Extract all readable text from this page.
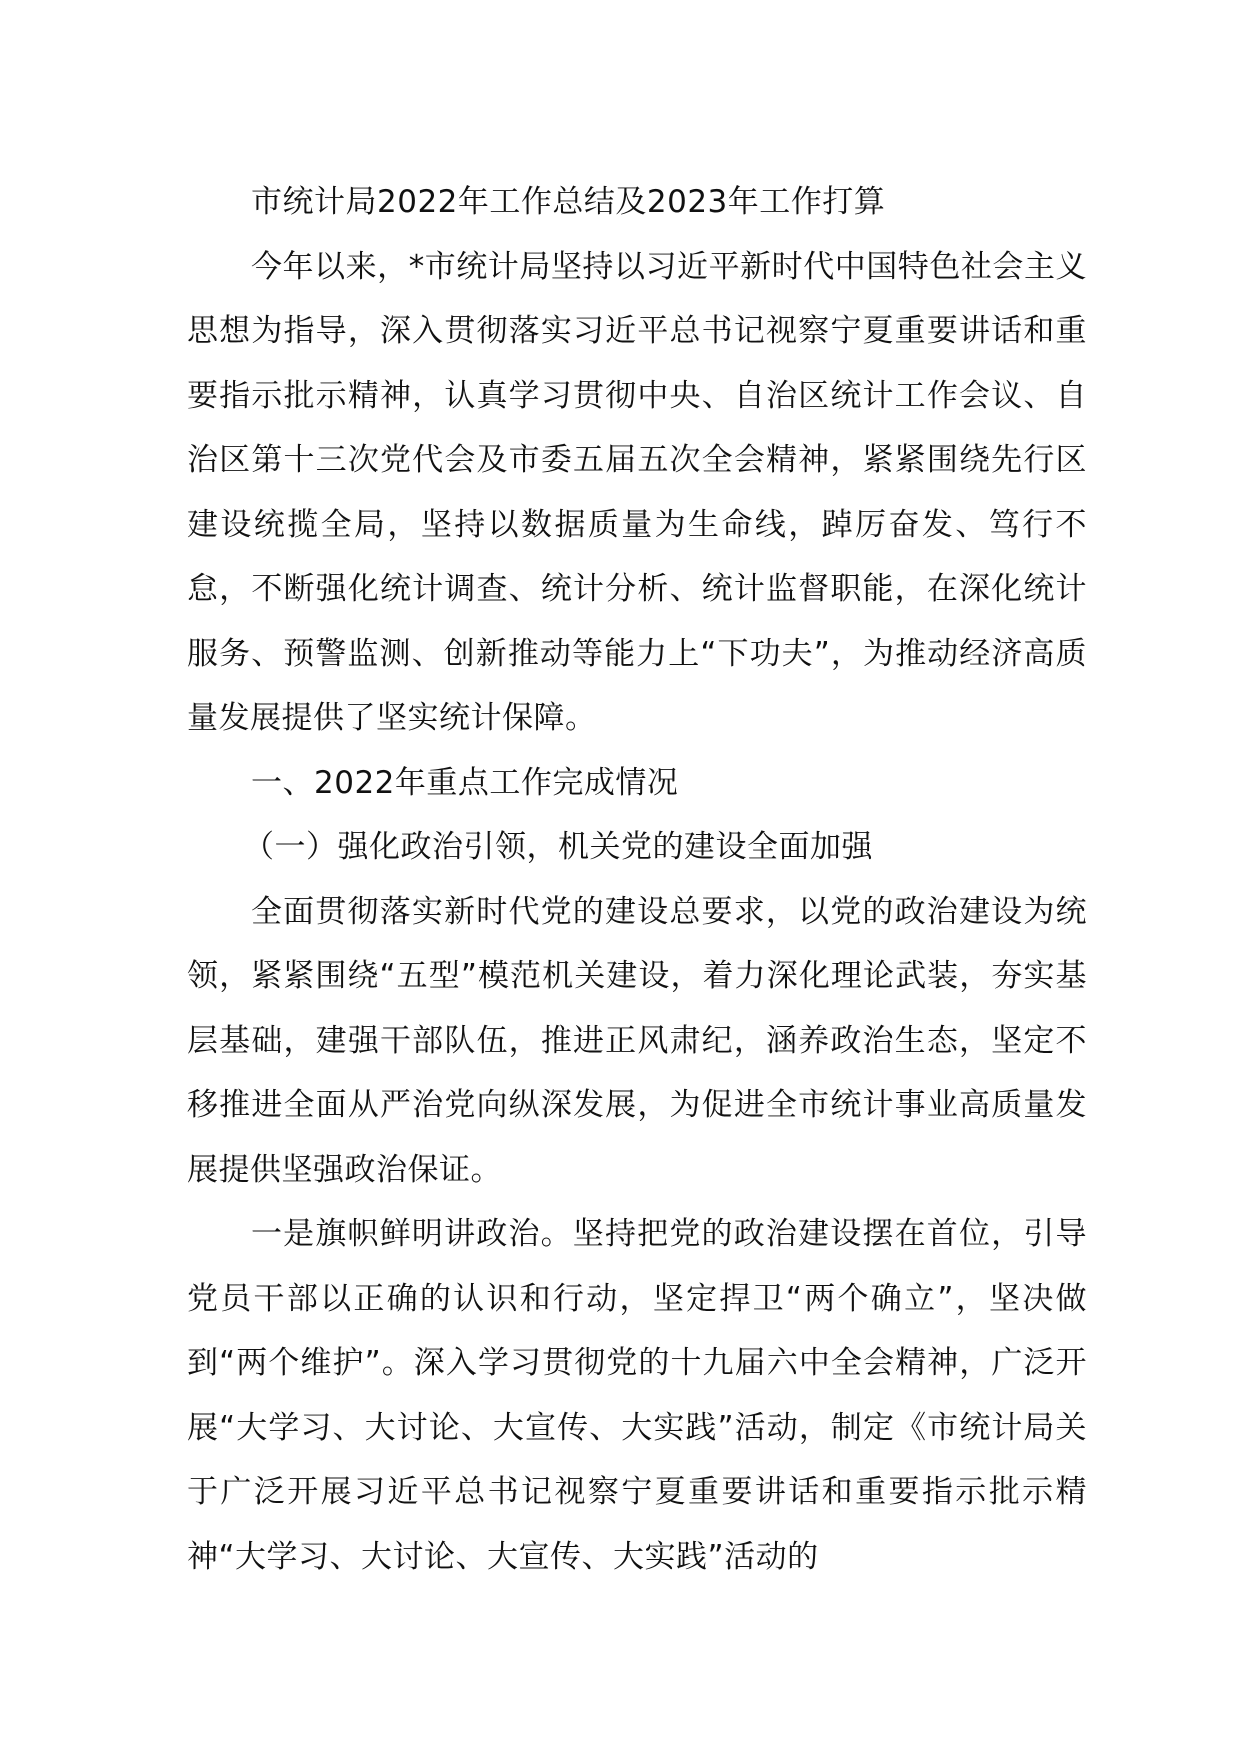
市统计局2022年工作总结及2023年工作打算

今年以来，*市统计局坚持以习近平新时代中国特色社会主义思想为指导，深入贯彻落实习近平总书记视察宁夏重要讲话和重要指示批示精神，认真学习贯彻中央、自治区统计工作会议、自治区第十三次党代会及市委五届五次全会精神，紧紧围绕先行区建设统揽全局，坚持以数据质量为生命线，踔厉奋发、笃行不怠，不断强化统计调查、统计分析、统计监督职能，在深化统计服务、预警监测、创新推动等能力上“下功夫”，为推动经济高质量发展提供了坚实统计保障。

一、2022年重点工作完成情况

（一）强化政治引领，机关党的建设全面加强

全面贯彻落实新时代党的建设总要求，以党的政治建设为统领，紧紧围绕“五型”模范机关建设，着力深化理论武装，夯实基层基础，建强干部队伍，推进正风肃纪，涵养政治生态，坚定不移推进全面从严治党向纵深发展，为促进全市统计事业高质量发展提供坚强政治保证。

一是旗帜鲜明讲政治。坚持把党的政治建设摆在首位，引导党员干部以正确的认识和行动，坚定捍卫“两个确立”，坚决做到“两个维护”。深入学习贯彻党的十九届六中全会精神，广泛开展“大学习、大讨论、大宣传、大实践”活动，制定《市统计局关于广泛开展习近平总书记视察宁夏重要讲话和重要指示批示精神“大学习、大讨论、大宣传、大实践”活动的
